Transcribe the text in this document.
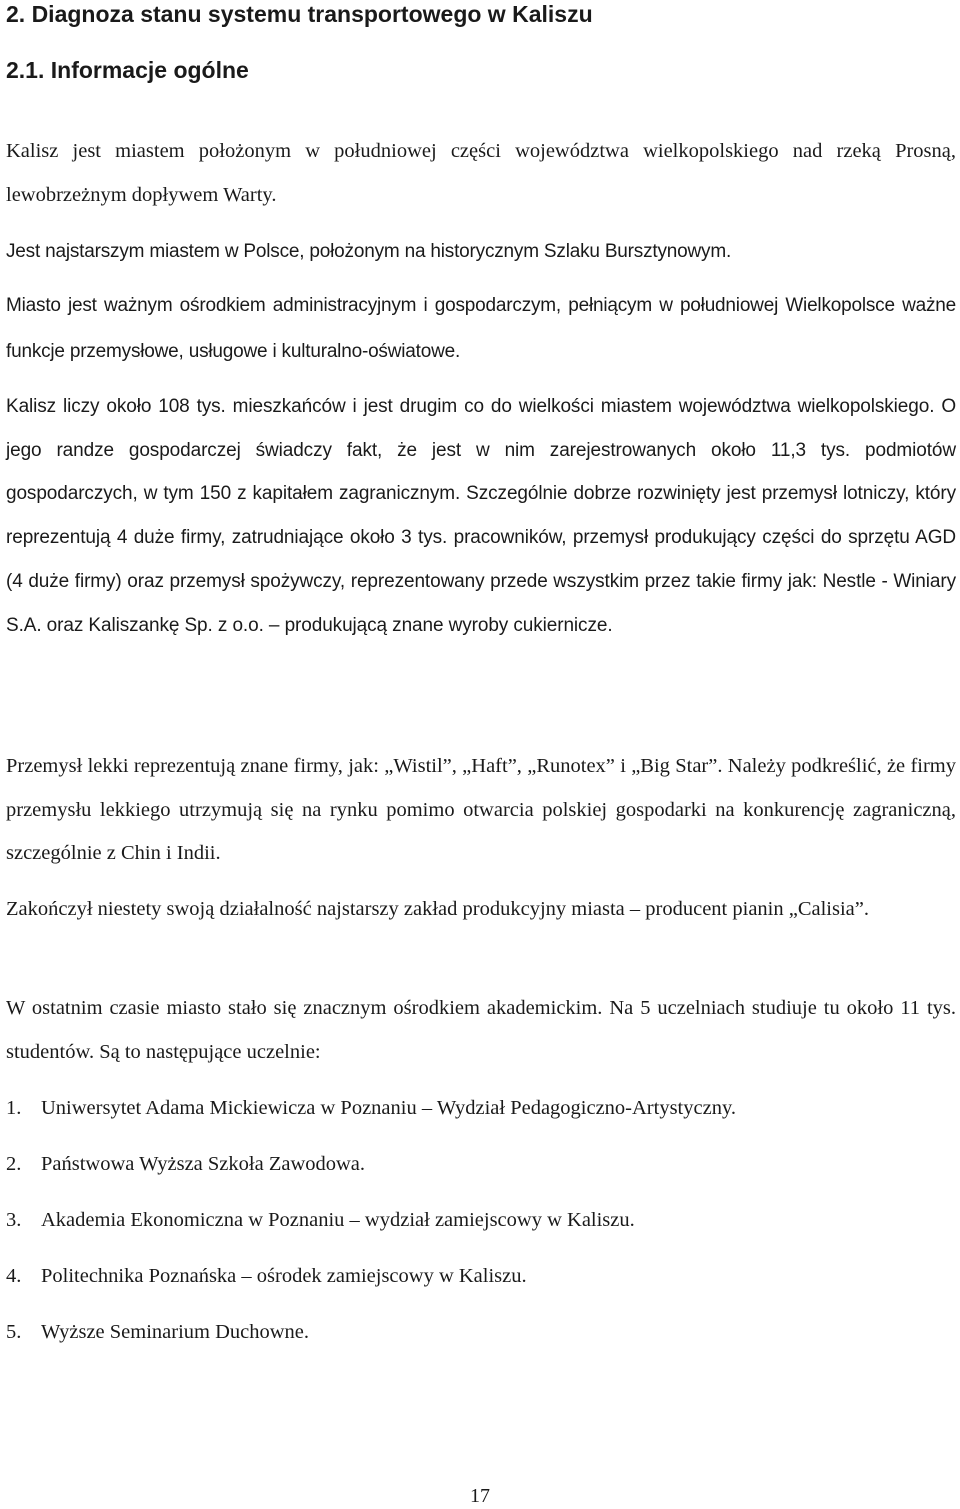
2. Diagnoza stanu systemu transportowego w Kaliszu
2.1. Informacje ogólne
Kalisz jest miastem położonym w południowej części województwa wielkopolskiego nad rzeką Prosną, lewobrzeżnym dopływem Warty.
Jest najstarszym miastem w Polsce, położonym na historycznym Szlaku Bursztynowym.
Miasto jest ważnym ośrodkiem administracyjnym i gospodarczym, pełniącym w południowej Wielkopolsce ważne funkcje przemysłowe, usługowe i kulturalno-oświatowe.
Kalisz liczy około 108 tys. mieszkańców i jest drugim co do wielkości miastem województwa wielkopolskiego. O jego randze gospodarczej świadczy fakt, że jest w nim zarejestrowanych około 11,3 tys. podmiotów gospodarczych, w tym 150 z kapitałem zagranicznym. Szczególnie dobrze rozwinięty jest przemysł lotniczy, który reprezentują 4 duże firmy, zatrudniające około 3 tys. pracowników, przemysł produkujący części do sprzętu AGD (4 duże firmy) oraz przemysł spożywczy, reprezentowany przede wszystkim przez takie firmy jak: Nestle - Winiary S.A. oraz Kaliszankę Sp. z o.o. – produkującą znane wyroby cukiernicze.
Przemysł lekki reprezentują znane firmy, jak: „Wistil”, „Haft”, „Runotex” i „Big Star”. Należy podkreślić, że firmy przemysłu lekkiego utrzymują się na rynku pomimo otwarcia polskiej gospodarki na konkurencję zagraniczną, szczególnie z Chin i Indii.
Zakończył niestety swoją działalność najstarszy zakład produkcyjny miasta – producent pianin „Calisia”.
W ostatnim czasie miasto stało się znacznym ośrodkiem akademickim. Na 5 uczelniach studiuje tu około 11 tys. studentów. Są to następujące uczelnie:
1. Uniwersytet Adama Mickiewicza w Poznaniu – Wydział Pedagogiczno-Artystyczny.
2. Państwowa Wyższa Szkoła Zawodowa.
3. Akademia Ekonomiczna w Poznaniu – wydział zamiejscowy w Kaliszu.
4. Politechnika Poznańska – ośrodek zamiejscowy w Kaliszu.
5. Wyższe Seminarium Duchowne.
17
